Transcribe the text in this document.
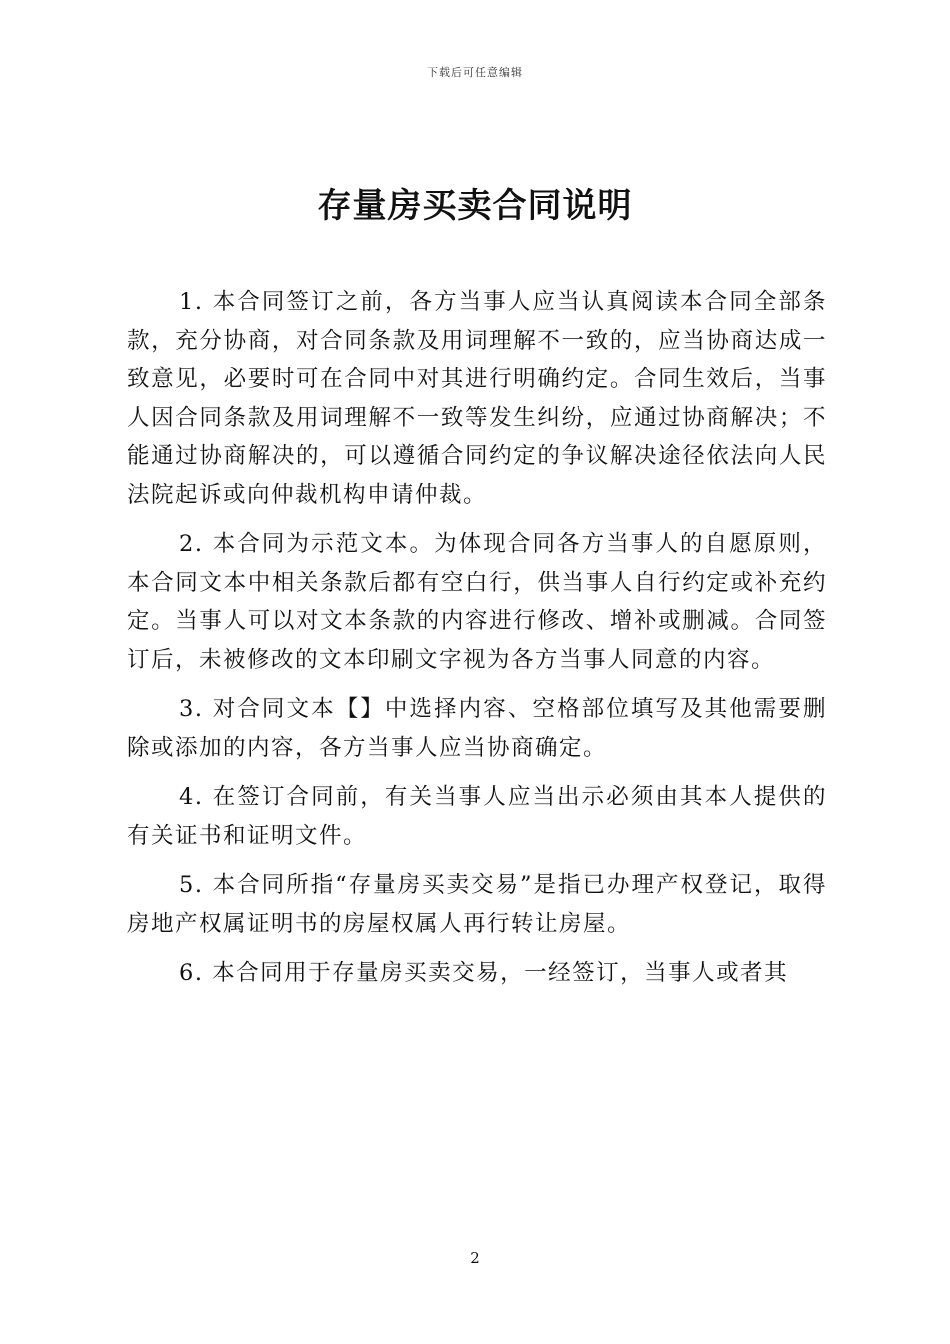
下载后可任意编辑
存量房买卖合同说明

1. 本合同签订之前，各方当事人应当认真阅读本合同全部条款，充分协商，对合同条款及用词理解不一致的，应当协商达成一致意见，必要时可在合同中对其进行明确约定。合同生效后，当事人因合同条款及用词理解不一致等发生纠纷，应通过协商解决；不能通过协商解决的，可以遵循合同约定的争议解决途径依法向人民法院起诉或向仲裁机构申请仲裁。

2. 本合同为示范文本。为体现合同各方当事人的自愿原则，本合同文本中相关条款后都有空白行，供当事人自行约定或补充约定。当事人可以对文本条款的内容进行修改、增补或删减。合同签订后，未被修改的文本印刷文字视为各方当事人同意的内容。

3. 对合同文本【】中选择内容、空格部位填写及其他需要删除或添加的内容，各方当事人应当协商确定。

4. 在签订合同前，有关当事人应当出示必须由其本人提供的有关证书和证明文件。

5. 本合同所指“存量房买卖交易”是指已办理产权登记，取得房地产权属证明书的房屋权属人再行转让房屋。

6. 本合同用于存量房买卖交易，一经签订，当事人或者其

2
